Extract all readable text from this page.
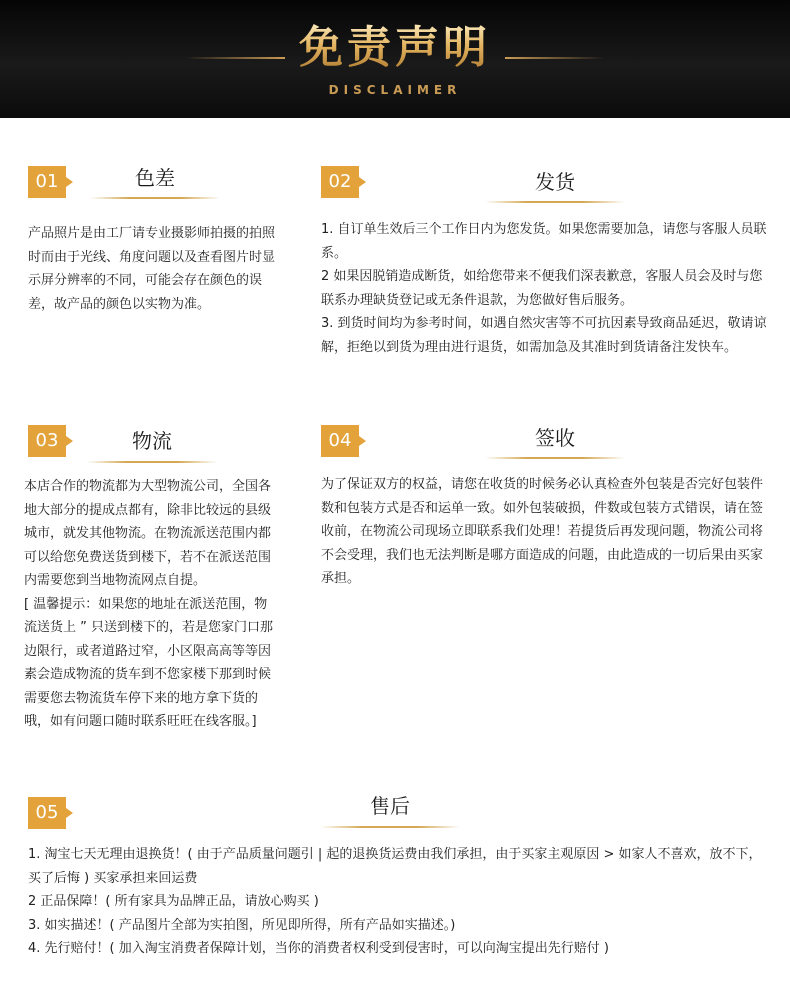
免责声明
DISCLAIMER
01	色差

产品照片是由工厂请专业摄影师拍摄的拍照时而由于光线、角度问题以及查看图片时显示屏分辨率的不同，可能会存在颜色的误差，故产品的颜色以实物为准。

02	发货

1. 自订单生效后三个工作日内为您发货。如果您需要加急，请您与客服人员联系。

2 如果因脱销造成断货，如给您带来不便我们深表歉意，客服人员会及时与您联系办理缺货登记或无条件退款，为您做好售后服务。

3. 到货时间均为参考时间，如遇自然灾害等不可抗因素导致商品延迟，敬请谅解，拒绝以到货为理由进行退货，如需加急及其准时到货请备注发快车。

03	物流

本店合作的物流都为大型物流公司，全国各地大部分的提成点都有，除非比较远的县级城市，就发其他物流。在物流派送范围内都可以给您免费送货到楼下，若不在派送范围内需要您到当地物流网点自提。

[ 温馨提示：如果您的地址在派送范围，物流送货上 ” 只送到楼下的，若是您家门口那边限行，或者道路过窄，小区限高高等等因素会造成物流的货车到不您家楼下那到时候需要您去物流货车停下来的地方拿下货的哦，如有问题口随时联系旺旺在线客服。]

04	签收

为了保证双方的权益，请您在收货的时候务必认真检查外包装是否完好包装件数和包装方式是否和运单一致。如外包装破损，件数或包装方式错误，请在签收前，在物流公司现场立即联系我们处理！若提货后再发现问题，物流公司将不会受理，我们也无法判断是哪方面造成的问题，由此造成的一切后果由买家承担。

05	售后

1. 淘宝七天无理由退换货！( 由于产品质量问题引 | 起的退换货运费由我们承担，由于买家主观原因 > 如家人不喜欢，放不下，买了后悔 ) 买家承担来回运费

2 正品保障！( 所有家具为品牌正品，请放心购买 )

3. 如实描述！( 产品图片全部为实拍图，所见即所得，所有产品如实描述。)

4. 先行赔付！( 加入淘宝消费者保障计划，当你的消费者权利受到侵害时，可以向淘宝提出先行赔付 )
